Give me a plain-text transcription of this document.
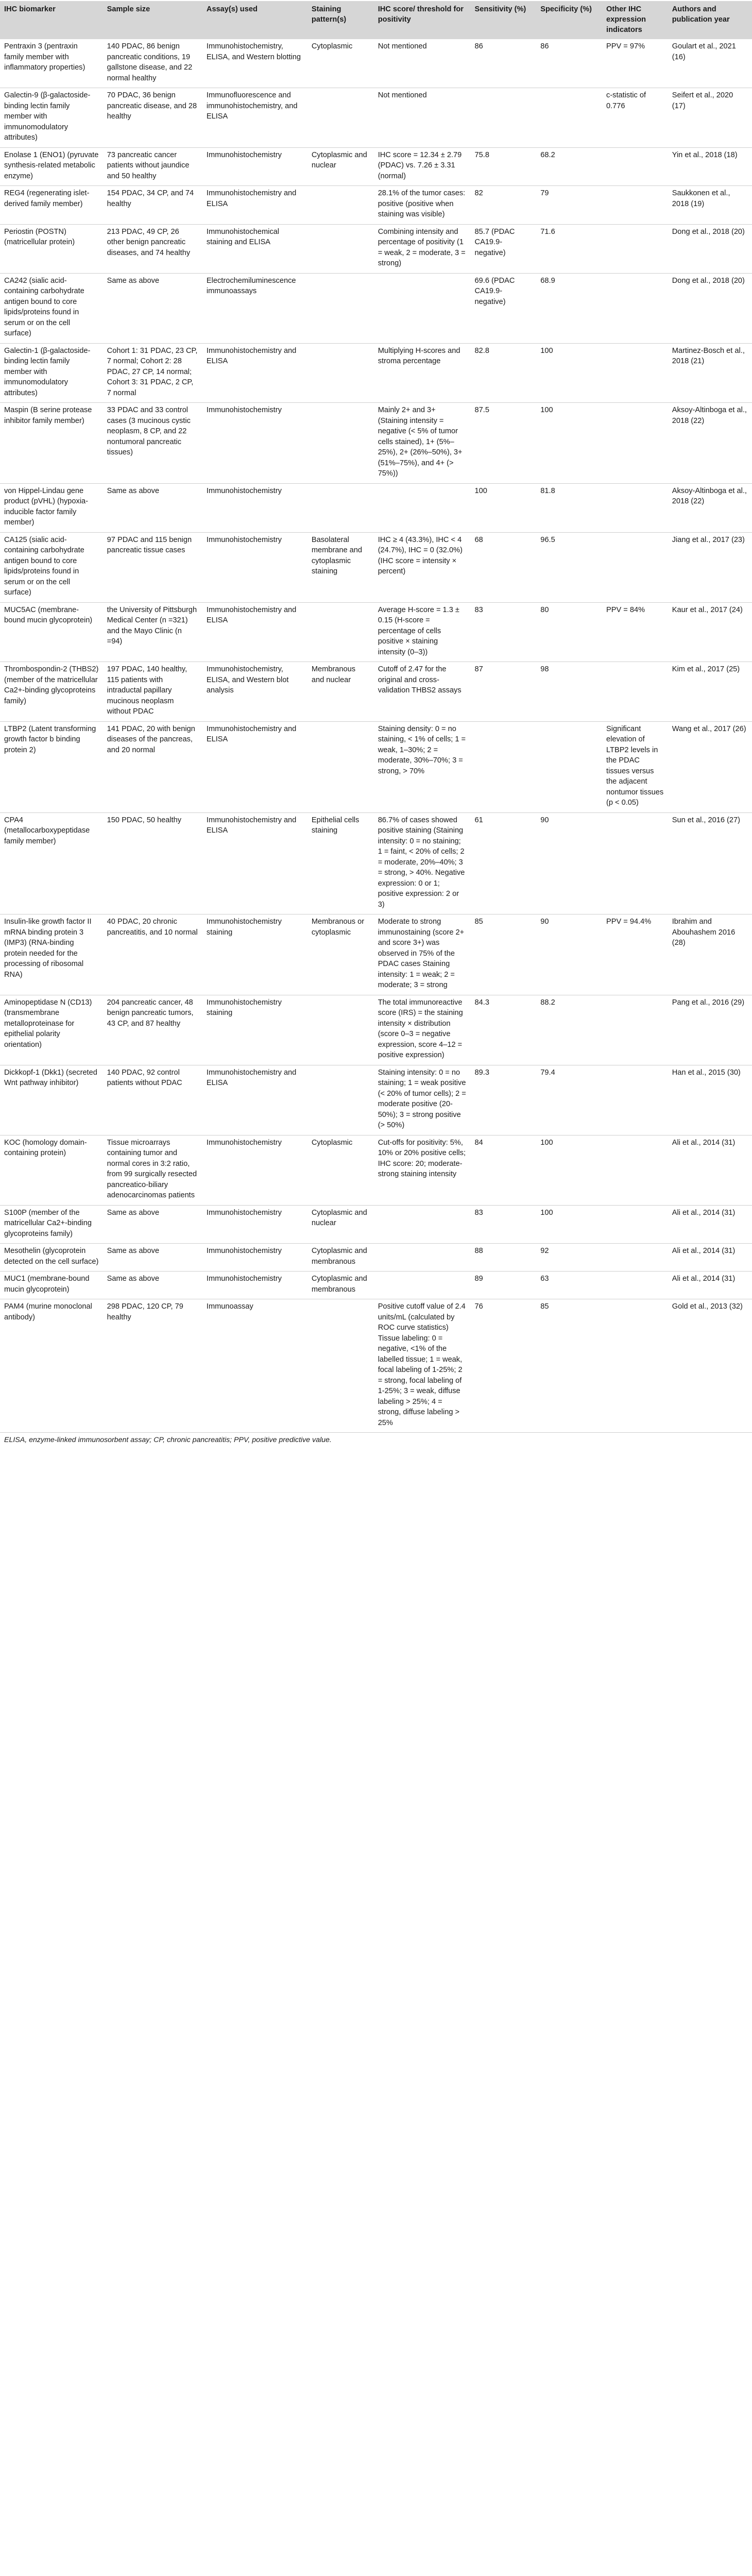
IHC biomarker	Sample size	Assay(s) used	Staining pattern(s)	IHC score/ threshold for positivity	Sensitivity (%)	Specificity (%)	Other IHC expression indicators	Authors and publication year
Pentraxin 3 (pentraxin family member with inflammatory properties)	140 PDAC, 86 benign pancreatic conditions, 19 gallstone disease, and 22 normal healthy	Immunohistochemistry, ELISA, and Western blotting	Cytoplasmic	Not mentioned	86	86	PPV = 97%	Goulart et al., 2021 (16)
Galectin-9 (β-galactoside-binding lectin family member with immunomodulatory attributes)	70 PDAC, 36 benign pancreatic disease, and 28 healthy	Immunofluorescence and immunohistochemistry, and ELISA		Not mentioned			c-statistic of 0.776	Seifert et al., 2020 (17)
Enolase 1 (ENO1) (pyruvate synthesis-related metabolic enzyme)	73 pancreatic cancer patients without jaundice and 50 healthy	Immunohistochemistry	Cytoplasmic and nuclear	IHC score = 12.34 ± 2.79 (PDAC) vs. 7.26 ± 3.31 (normal)	75.8	68.2		Yin et al., 2018 (18)
REG4 (regenerating islet-derived family member)	154 PDAC, 34 CP, and 74 healthy	Immunohistochemistry and ELISA		28.1% of the tumor cases: positive (positive when staining was visible)	82	79		Saukkonen et al., 2018 (19)
Periostin (POSTN) (matricellular protein)	213 PDAC, 49 CP, 26 other benign pancreatic diseases, and 74 healthy	Immunohistochemical staining and ELISA		Combining intensity and percentage of positivity (1 = weak, 2 = moderate, 3 = strong)	85.7 (PDAC CA19.9-negative)	71.6		Dong et al., 2018 (20)
CA242 (sialic acid-containing carbohydrate antigen bound to core lipids/proteins found in serum or on the cell surface)	Same as above	Electrochemiluminescence immunoassays			69.6 (PDAC CA19.9-negative)	68.9		Dong et al., 2018 (20)
Galectin-1 (β-galactoside-binding lectin family member with immunomodulatory attributes)	Cohort 1: 31 PDAC, 23 CP, 7 normal; Cohort 2: 28 PDAC, 27 CP, 14 normal; Cohort 3: 31 PDAC, 2 CP, 7 normal	Immunohistochemistry and ELISA		Multiplying H-scores and stroma percentage	82.8	100		Martinez-Bosch et al., 2018 (21)
Maspin (B serine protease inhibitor family member)	33 PDAC and 33 control cases (3 mucinous cystic neoplasm, 8 CP, and 22 nontumoral pancreatic tissues)	Immunohistochemistry		Mainly 2+ and 3+ (Staining intensity = negative (< 5% of tumor cells stained), 1+ (5%–25%), 2+ (26%–50%), 3+ (51%–75%), and 4+ (> 75%))	87.5	100		Aksoy-Altinboga et al., 2018 (22)
von Hippel-Lindau gene product (pVHL) (hypoxia-inducible factor family member)	Same as above	Immunohistochemistry			100	81.8		Aksoy-Altinboga et al., 2018 (22)
CA125 (sialic acid-containing carbohydrate antigen bound to core lipids/proteins found in serum or on the cell surface)	97 PDAC and 115 benign pancreatic tissue cases	Immunohistochemistry	Basolateral membrane and cytoplasmic staining	IHC ≥ 4 (43.3%), IHC < 4 (24.7%), IHC = 0 (32.0%) (IHC score = intensity × percent)	68	96.5		Jiang et al., 2017 (23)
MUC5AC (membrane-bound mucin glycoprotein)	the University of Pittsburgh Medical Center (n =321) and the Mayo Clinic (n =94)	Immunohistochemistry and ELISA		Average H-score = 1.3 ± 0.15 (H-score = percentage of cells positive × staining intensity (0–3))	83	80	PPV = 84%	Kaur et al., 2017 (24)
Thrombospondin-2 (THBS2) (member of the matricellular Ca2+-binding glycoproteins family)	197 PDAC, 140 healthy, 115 patients with intraductal papillary mucinous neoplasm without PDAC	Immunohistochemistry, ELISA, and Western blot analysis	Membranous and nuclear	Cutoff of 2.47 for the original and cross-validation THBS2 assays	87	98		Kim et al., 2017 (25)
LTBP2 (Latent transforming growth factor b binding protein 2)	141 PDAC, 20 with benign diseases of the pancreas, and 20 normal	Immunohistochemistry and ELISA		Staining density: 0 = no staining, < 1% of cells; 1 = weak, 1–30%; 2 = moderate, 30%–70%; 3 = strong, > 70%			Significant elevation of LTBP2 levels in the PDAC tissues versus the adjacent nontumor tissues (p < 0.05)	Wang et al., 2017 (26)
CPA4 (metallocarboxypeptidase family member)	150 PDAC, 50 healthy	Immunohistochemistry and ELISA	Epithelial cells staining	86.7% of cases showed positive staining (Staining intensity: 0 = no staining; 1 = faint, < 20% of cells; 2 = moderate, 20%–40%; 3 = strong, > 40%. Negative expression: 0 or 1; positive expression: 2 or 3)	61	90		Sun et al., 2016 (27)
Insulin-like growth factor II mRNA binding protein 3 (IMP3) (RNA-binding protein needed for the processing of ribosomal RNA)	40 PDAC, 20 chronic pancreatitis, and 10 normal	Immunohistochemistry staining	Membranous or cytoplasmic	Moderate to strong immunostaining (score 2+ and score 3+) was observed in 75% of the PDAC cases Staining intensity: 1 = weak; 2 = moderate; 3 = strong	85	90	PPV = 94.4%	Ibrahim and Abouhashem 2016 (28)
Aminopeptidase N (CD13) (transmembrane metalloproteinase for epithelial polarity orientation)	204 pancreatic cancer, 48 benign pancreatic tumors, 43 CP, and 87 healthy	Immunohistochemistry staining		The total immunoreactive score (IRS) = the staining intensity × distribution (score 0–3 = negative expression, score 4–12 = positive expression)	84.3	88.2		Pang et al., 2016 (29)
Dickkopf-1 (Dkk1) (secreted Wnt pathway inhibitor)	140 PDAC, 92 control patients without PDAC	Immunohistochemistry and ELISA		Staining intensity: 0 = no staining; 1 = weak positive (< 20% of tumor cells); 2 = moderate positive (20-50%); 3 = strong positive (> 50%)	89.3	79.4		Han et al., 2015 (30)
KOC (homology domain-containing protein)	Tissue microarrays containing tumor and normal cores in 3:2 ratio, from 99 surgically resected pancreatico-biliary adenocarcinomas patients	Immunohistochemistry	Cytoplasmic	Cut-offs for positivity: 5%, 10% or 20% positive cells; IHC score: 20; moderate-strong staining intensity	84	100		Ali et al., 2014 (31)
S100P (member of the matricellular Ca2+-binding glycoproteins family)	Same as above	Immunohistochemistry	Cytoplasmic and nuclear		83	100		Ali et al., 2014 (31)
Mesothelin (glycoprotein detected on the cell surface)	Same as above	Immunohistochemistry	Cytoplasmic and membranous		88	92		Ali et al., 2014 (31)
MUC1 (membrane-bound mucin glycoprotein)	Same as above	Immunohistochemistry	Cytoplasmic and membranous		89	63		Ali et al., 2014 (31)
PAM4 (murine monoclonal antibody)	298 PDAC, 120 CP, 79 healthy	Immunoassay		Positive cutoff value of 2.4 units/mL (calculated by ROC curve statistics) Tissue labeling: 0 = negative, <1% of the labelled tissue; 1 = weak, focal labeling of 1-25%; 2 = strong, focal labeling of 1-25%; 3 = weak, diffuse labeling > 25%; 4 = strong, diffuse labeling > 25%	76	85		Gold et al., 2013 (32)
ELISA, enzyme-linked immunosorbent assay; CP, chronic pancreatitis; PPV, positive predictive value.
